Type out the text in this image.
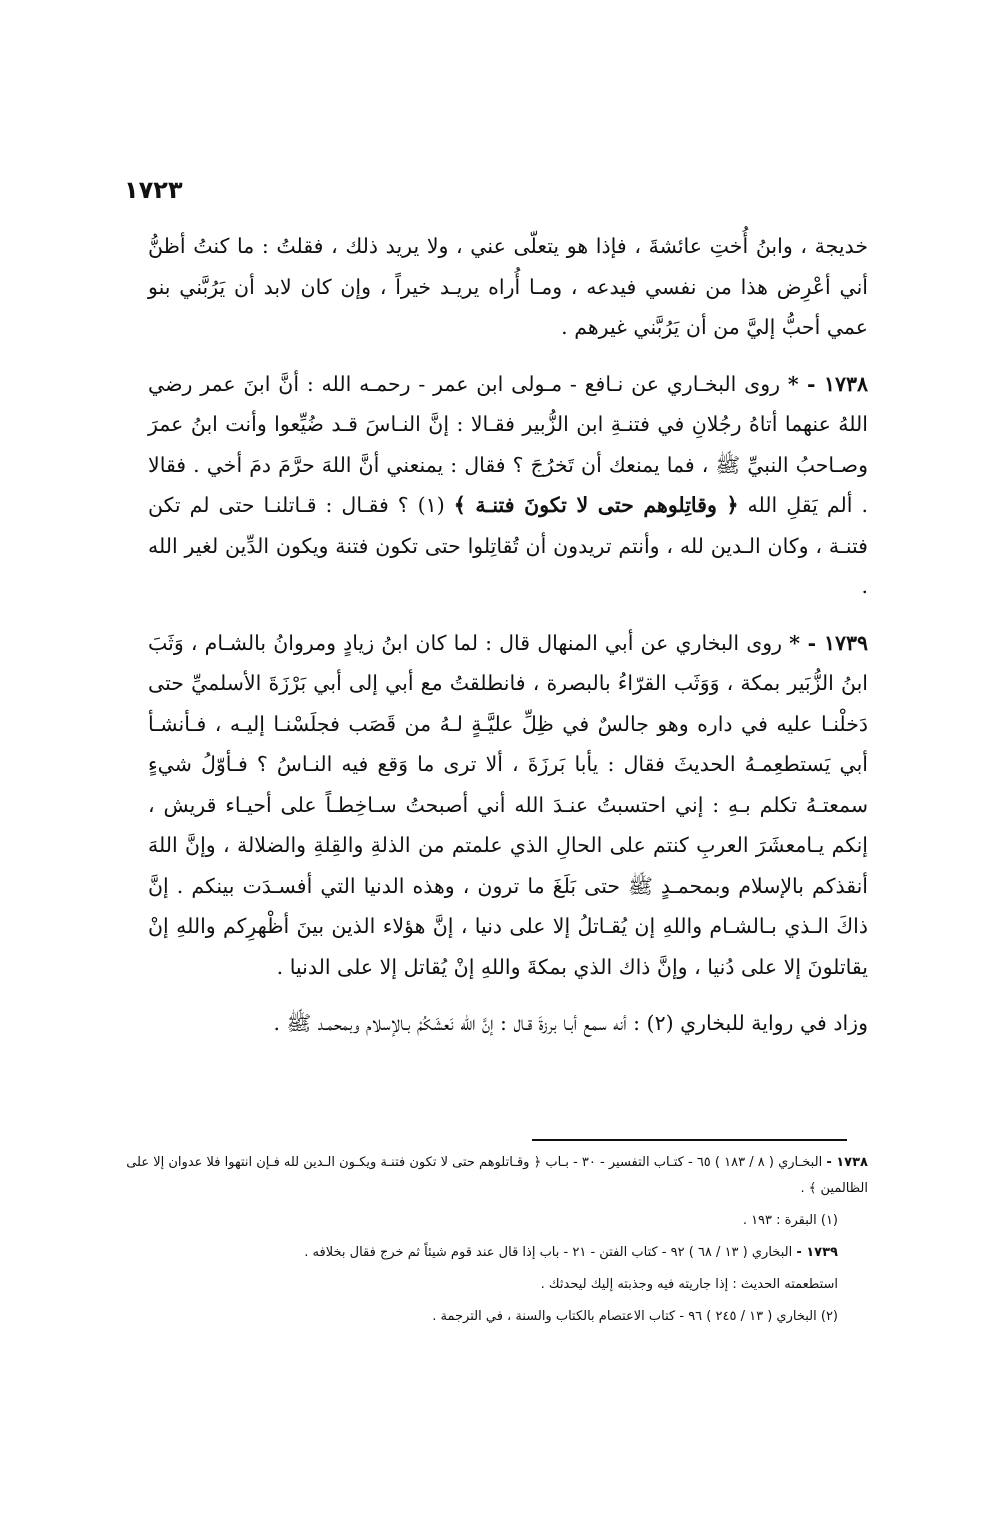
١٧٢٣

خديجة ، وابنُ أُختِ عائشةَ ، فإذا هو يتعلّى عني ، ولا يريد ذلك ، فقلتُ : ما كنتُ أظنُّ أني أعْرِض هذا من نفسي فيدعه ، ومـا أُراه يريـد خيراً ، وإن كان لابد أن يَرُبَّني بنو عمي أحبُّ إليَّ من أن يَرُبَّني غيرهم .

١٧٣٨ - * روى البخـاري عن نـافع - مـولى ابن عمر - رحمـه الله : أنَّ ابنَ عمر رضي اللهُ عنهما أتاهُ رجُلانِ في فتنـةِ ابن الزُّبير فقـالا : إنَّ النـاسَ قـد ضُيِّعوا وأنت ابنُ عمرَ وصـاحبُ النبيِّ ﷺ ، فما يمنعك أن تَخرُجَ ؟ فقال : يمنعني أنَّ اللهَ حرَّمَ دمَ أخي . فقالا . ألم يَقلِ الله ﴿ وقاتِلوهم حتى لا تكونَ فتنـة ﴾ (١) ؟ فقـال : قـاتلنـا حتى لم تكن فتنـة ، وكان الـدين لله ، وأنتم تريدون أن تُقاتِلوا حتى تكون فتنة ويكون الدِّين لغير الله .

١٧٣٩ - * روى البخاري عن أبي المنهال قال : لما كان ابنُ زيادٍ ومروانُ بالشـام ، وَثَبَ ابنُ الزُّبَير بمكة ، وَوَثَب القرّاءُ بالبصرة ، فانطلقتُ مع أبي إلى أبي بَرْزَةَ الأسلميِّ حتى دَخلْنـا عليه في داره وهو جالسٌ في ظِلِّ عليَّـةٍ لـهُ من قَصَب فجلَسْنـا إليـه ، فـأنشـأ أبي يَستطعِمـهُ الحديثَ فقال : يأبا بَرزَةَ ، ألا ترى ما وَقع فيه النـاسُ ؟ فـأوّلُ شيءٍ سمعتـهُ تكلم بـهِ : إني احتسبتُ عنـدَ الله أني أصبحتُ سـاخِطـاً على أحيـاء قريش ، إنكم يـامعشَرَ العربِ كنتم على الحالِ الذي علمتم من الذلةِ والقِلةِ والضلالة ، وإنَّ اللهَ أنقذكم بالإسلام وبمحمـدٍ ﷺ حتى بَلَغَ ما ترون ، وهذه الدنيا التي أفسـدَت بينكم . إنَّ ذاكَ الـذي بـالشـام واللهِ إن يُقـاتلُ إلا على دنيا ، إنَّ هؤلاء الذين بينَ أظْهرِكم واللهِ إنْ يقاتلونَ إلا على دُنيا ، وإنَّ ذاك الذي بمكةَ واللهِ إنْ يُقاتل إلا على الدنيا .

وزاد في رواية للبخاري (٢) : أنه سمع أبـا برزةَ قـال : إنَّ الله نَعشَكُمْ بـالإسلام وبمحمـد ﷺ .

١٧٣٨ - البخـاري ( ٨ / ١٨٣ ) ٦٥ - كتـاب التفسير - ٣٠ - بـاب ﴿ وقـاتلوهم حتى لا تكون فتنـة ويكـون الـدين لله فـإن انتهوا فلا عدوان إلا على الظالمين ﴾ .

(١) البقرة : ١٩٣ .

١٧٣٩ - البخاري ( ١٣ / ٦٨ ) ٩٢ - كتاب الفتن - ٢١ - باب إذا قال عند قوم شيئاً ثم خرج فقال بخلافه .

استطعمته الحديث : إذا جاريته فيه وجذبته إليك ليحدثك .

(٢) البخاري ( ١٣ / ٢٤٥ ) ٩٦ - كتاب الاعتصام بالكتاب والسنة ، في الترجمة .
